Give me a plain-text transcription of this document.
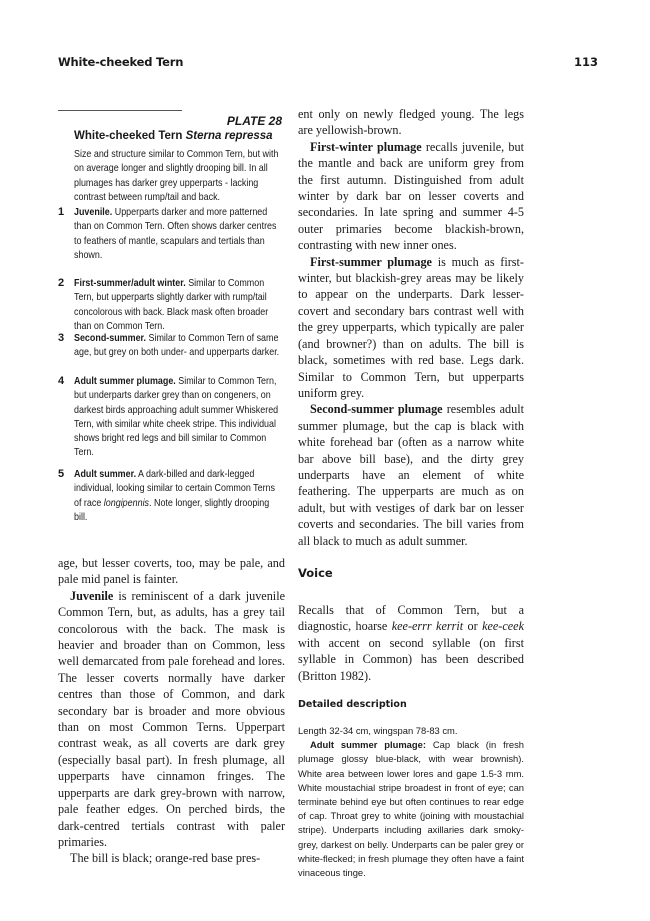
White-cheeked Tern	113
PLATE 28
White-cheeked Tern Sterna repressa
Size and structure similar to Common Tern, but with on average longer and slightly drooping bill. In all plumages has darker grey upperparts - lacking contrast between rump/tail and back.
1 Juvenile. Upperparts darker and more patterned than on Common Tern. Often shows darker centres to feathers of mantle, scapulars and tertials than shown.
2 First-summer/adult winter. Similar to Common Tern, but upperparts slightly darker with rump/tail concolorous with back. Black mask often broader than on Common Tern.
3 Second-summer. Similar to Common Tern of same age, but grey on both under- and upperparts darker.
4 Adult summer plumage. Similar to Common Tern, but underparts darker grey than on congeners, on darkest birds approaching adult summer Whiskered Tern, with similar white cheek stripe. This individual shows bright red legs and bill similar to Common Tern.
5 Adult summer. A dark-billed and dark-legged individual, looking similar to certain Common Terns of race longipennis. Note longer, slightly drooping bill.

age, but lesser coverts, too, may be pale, and pale mid panel is fainter.

Juvenile is reminiscent of a dark juvenile Common Tern, but, as adults, has a grey tail concolorous with the back. The mask is heavier and broader than on Common, less well demarcated from pale forehead and lores. The lesser coverts normally have darker centres than those of Common, and dark secondary bar is broader and more obvious than on most Common Terns. Upperpart contrast weak, as all coverts are dark grey (especially basal part). In fresh plumage, all upperparts have cinnamon fringes. The upperparts are dark grey-brown with narrow, pale feather edges. On perched birds, the dark-centred tertials contrast with paler primaries.

The bill is black; orange-red base pres-

ent only on newly fledged young. The legs are yellowish-brown.

First-winter plumage recalls juvenile, but the mantle and back are uniform grey from the first autumn. Distinguished from adult winter by dark bar on lesser coverts and secondaries. In late spring and summer 4-5 outer primaries become blackish-brown, contrasting with new inner ones.

First-summer plumage is much as first-winter, but blackish-grey areas may be likely to appear on the underparts. Dark lesser-covert and secondary bars contrast well with the grey upperparts, which typically are paler (and browner?) than on adults. The bill is black, sometimes with red base. Legs dark. Similar to Common Tern, but upperparts uniform grey.

Second-summer plumage resembles adult summer plumage, but the cap is black with white forehead bar (often as a narrow white bar above bill base), and the dirty grey underparts have an element of white feathering. The upperparts are much as on adult, but with vestiges of dark bar on lesser coverts and secondaries. The bill varies from all black to much as adult summer.

Voice

Recalls that of Common Tern, but a diagnostic, hoarse kee-errr kerrit or kee-ceek with accent on second syllable (on first syllable in Common) has been described (Britton 1982).

Detailed description

Length 32-34 cm, wingspan 78-83 cm.

Adult summer plumage: Cap black (in fresh plumage glossy blue-black, with wear brownish). White area between lower lores and gape 1.5-3 mm. White moustachial stripe broadest in front of eye; can terminate behind eye but often continues to rear edge of cap. Throat grey to white (joining with moustachial stripe). Underparts including axillaries dark smoky-grey, darkest on belly. Underparts can be paler grey or white-flecked; in fresh plumage they often have a faint vinaceous tinge.
